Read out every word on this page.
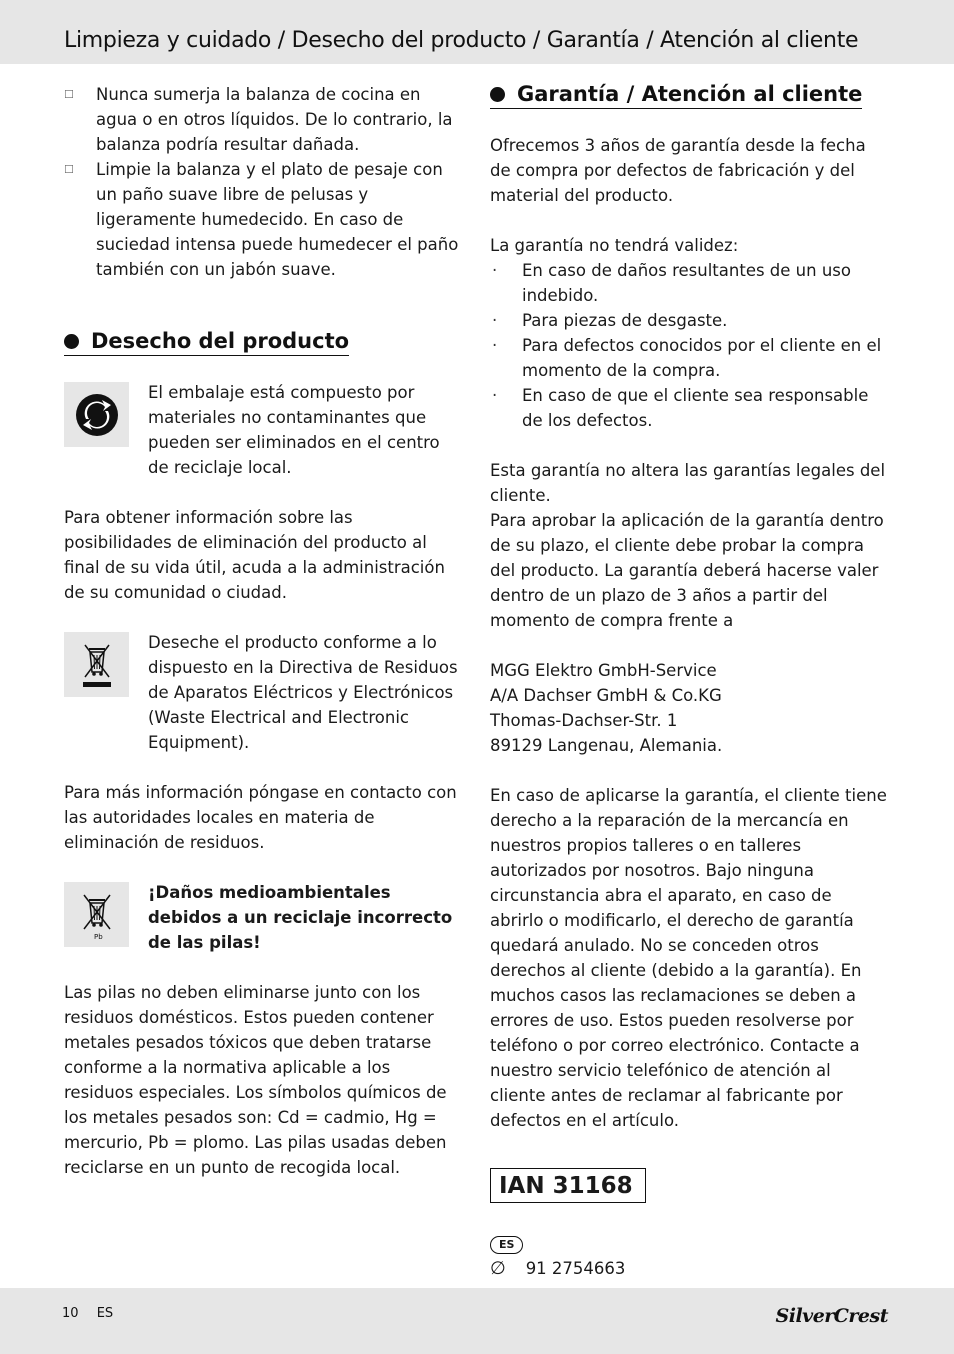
Limpieza y cuidado / Desecho del producto / Garantía / Atención al cliente
☐ Nunca sumerja la balanza de cocina en agua o en otros líquidos. De lo contrario, la balanza podría resultar dañada.

☐ Limpie la balanza y el plato de pesaje con un paño suave libre de pelusas y ligeramente humedecido. En caso de suciedad intensa puede humedecer el paño también con un jabón suave.

Desecho del producto

El embalaje está compuesto por materiales no contaminantes que pueden ser eliminados en el centro de reciclaje local.

Para obtener información sobre las posibilidades de eliminación del producto al final de su vida útil, acuda a la administración de su comunidad o ciudad.

Deseche el producto conforme a lo dispuesto en la Directiva de Residuos de Aparatos Eléctricos y Electrónicos (Waste Electrical and Electronic Equipment).

Para más información póngase en contacto con las autoridades locales en materia de eliminación de residuos.

Pb

¡Daños medioambientales debidos a un reciclaje incorrecto de las pilas!

Las pilas no deben eliminarse junto con los residuos domésticos. Estos pueden contener metales pesados tóxicos que deben tratarse conforme a la normativa aplicable a los residuos especiales. Los símbolos químicos de los metales pesados son: Cd = cadmio, Hg = mercurio, Pb = plomo. Las pilas usadas deben reciclarse en un punto de recogida local.

Garantía / Atención al cliente

Ofrecemos 3 años de garantía desde la fecha de compra por defectos de fabricación y del material del producto.

La garantía no tendrá validez:

· En caso de daños resultantes de un uso indebido.

· Para piezas de desgaste.

· Para defectos conocidos por el cliente en el momento de la compra.

· En caso de que el cliente sea responsable de los defectos.

Esta garantía no altera las garantías legales del cliente.

Para aprobar la aplicación de la garantía dentro de su plazo, el cliente debe probar la compra del producto. La garantía deberá hacerse valer dentro de un plazo de 3 años a partir del momento de compra frente a

MGG Elektro GmbH-Service

A/A Dachser GmbH & Co.KG

Thomas-Dachser-Str. 1

89129 Langenau, Alemania.

En caso de aplicarse la garantía, el cliente tiene derecho a la reparación de la mercancía en nuestros propios talleres o en talleres autorizados por nosotros. Bajo ninguna circunstancia abra el aparato, en caso de abrirlo o modificarlo, el derecho de garantía quedará anulado. No se conceden otros derechos al cliente (debido a la garantía). En muchos casos las reclamaciones se deben a errores de uso. Estos pueden resolverse por teléfono o por correo electrónico. Contacte a nuestro servicio telefónico de atención al cliente antes de reclamar al fabricante por defectos en el artículo.

IAN 31168
ES
∅ 91 2754663
10 ES	SilverCrest
